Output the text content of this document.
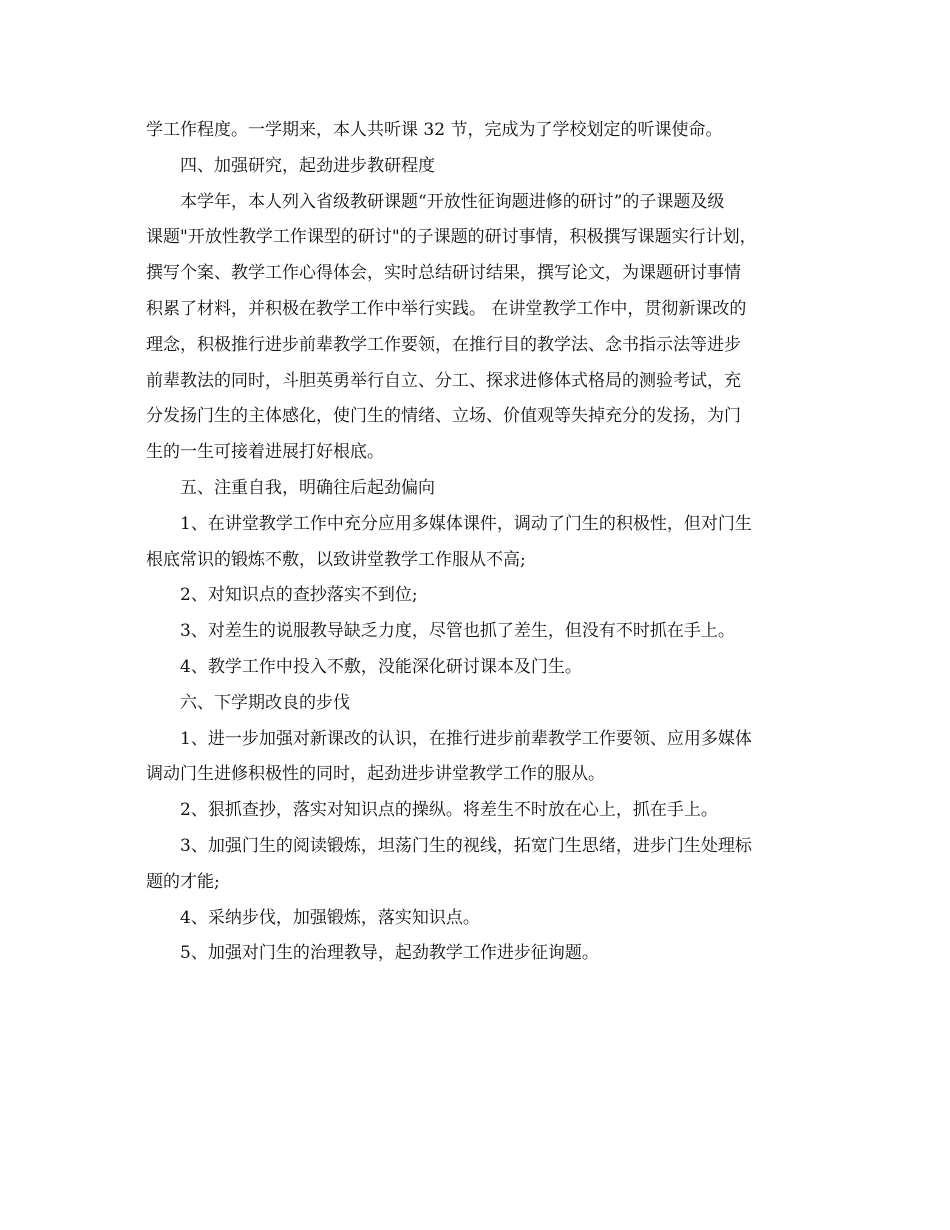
学工作程度。一学期来，本人共听课 32 节，完成为了学校划定的听课使命。
四、加强研究，起劲进步教研程度
本学年，本人列入省级教研课题“开放性征询题进修的研讨”的子课题及级
课题"开放性教学工作课型的研讨"的子课题的研讨事情，积极撰写课题实行计划，
撰写个案、教学工作心得体会，实时总结研讨结果，撰写论文，为课题研讨事情
积累了材料，并积极在教学工作中举行实践。 在讲堂教学工作中，贯彻新课改的
理念，积极推行进步前辈教学工作要领，在推行目的教学法、念书指示法等进步
前辈教法的同时，斗胆英勇举行自立、分工、探求进修体式格局的测验考试，充
分发扬门生的主体感化，使门生的情绪、立场、价值观等失掉充分的发扬，为门
生的一生可接着进展打好根底。
五、注重自我，明确往后起劲偏向
1、在讲堂教学工作中充分应用多媒体课件，调动了门生的积极性，但对门生
根底常识的锻炼不敷，以致讲堂教学工作服从不高;
2、对知识点的查抄落实不到位;
3、对差生的说服教导缺乏力度，尽管也抓了差生，但没有不时抓在手上。
4、教学工作中投入不敷，没能深化研讨课本及门生。
六、下学期改良的步伐
1、进一步加强对新课改的认识，在推行进步前辈教学工作要领、应用多媒体
调动门生进修积极性的同时，起劲进步讲堂教学工作的服从。
2、狠抓查抄，落实对知识点的操纵。将差生不时放在心上，抓在手上。
3、加强门生的阅读锻炼，坦荡门生的视线，拓宽门生思绪，进步门生处理标
题的才能;
4、采纳步伐，加强锻炼，落实知识点。
5、加强对门生的治理教导，起劲教学工作进步征询题。
